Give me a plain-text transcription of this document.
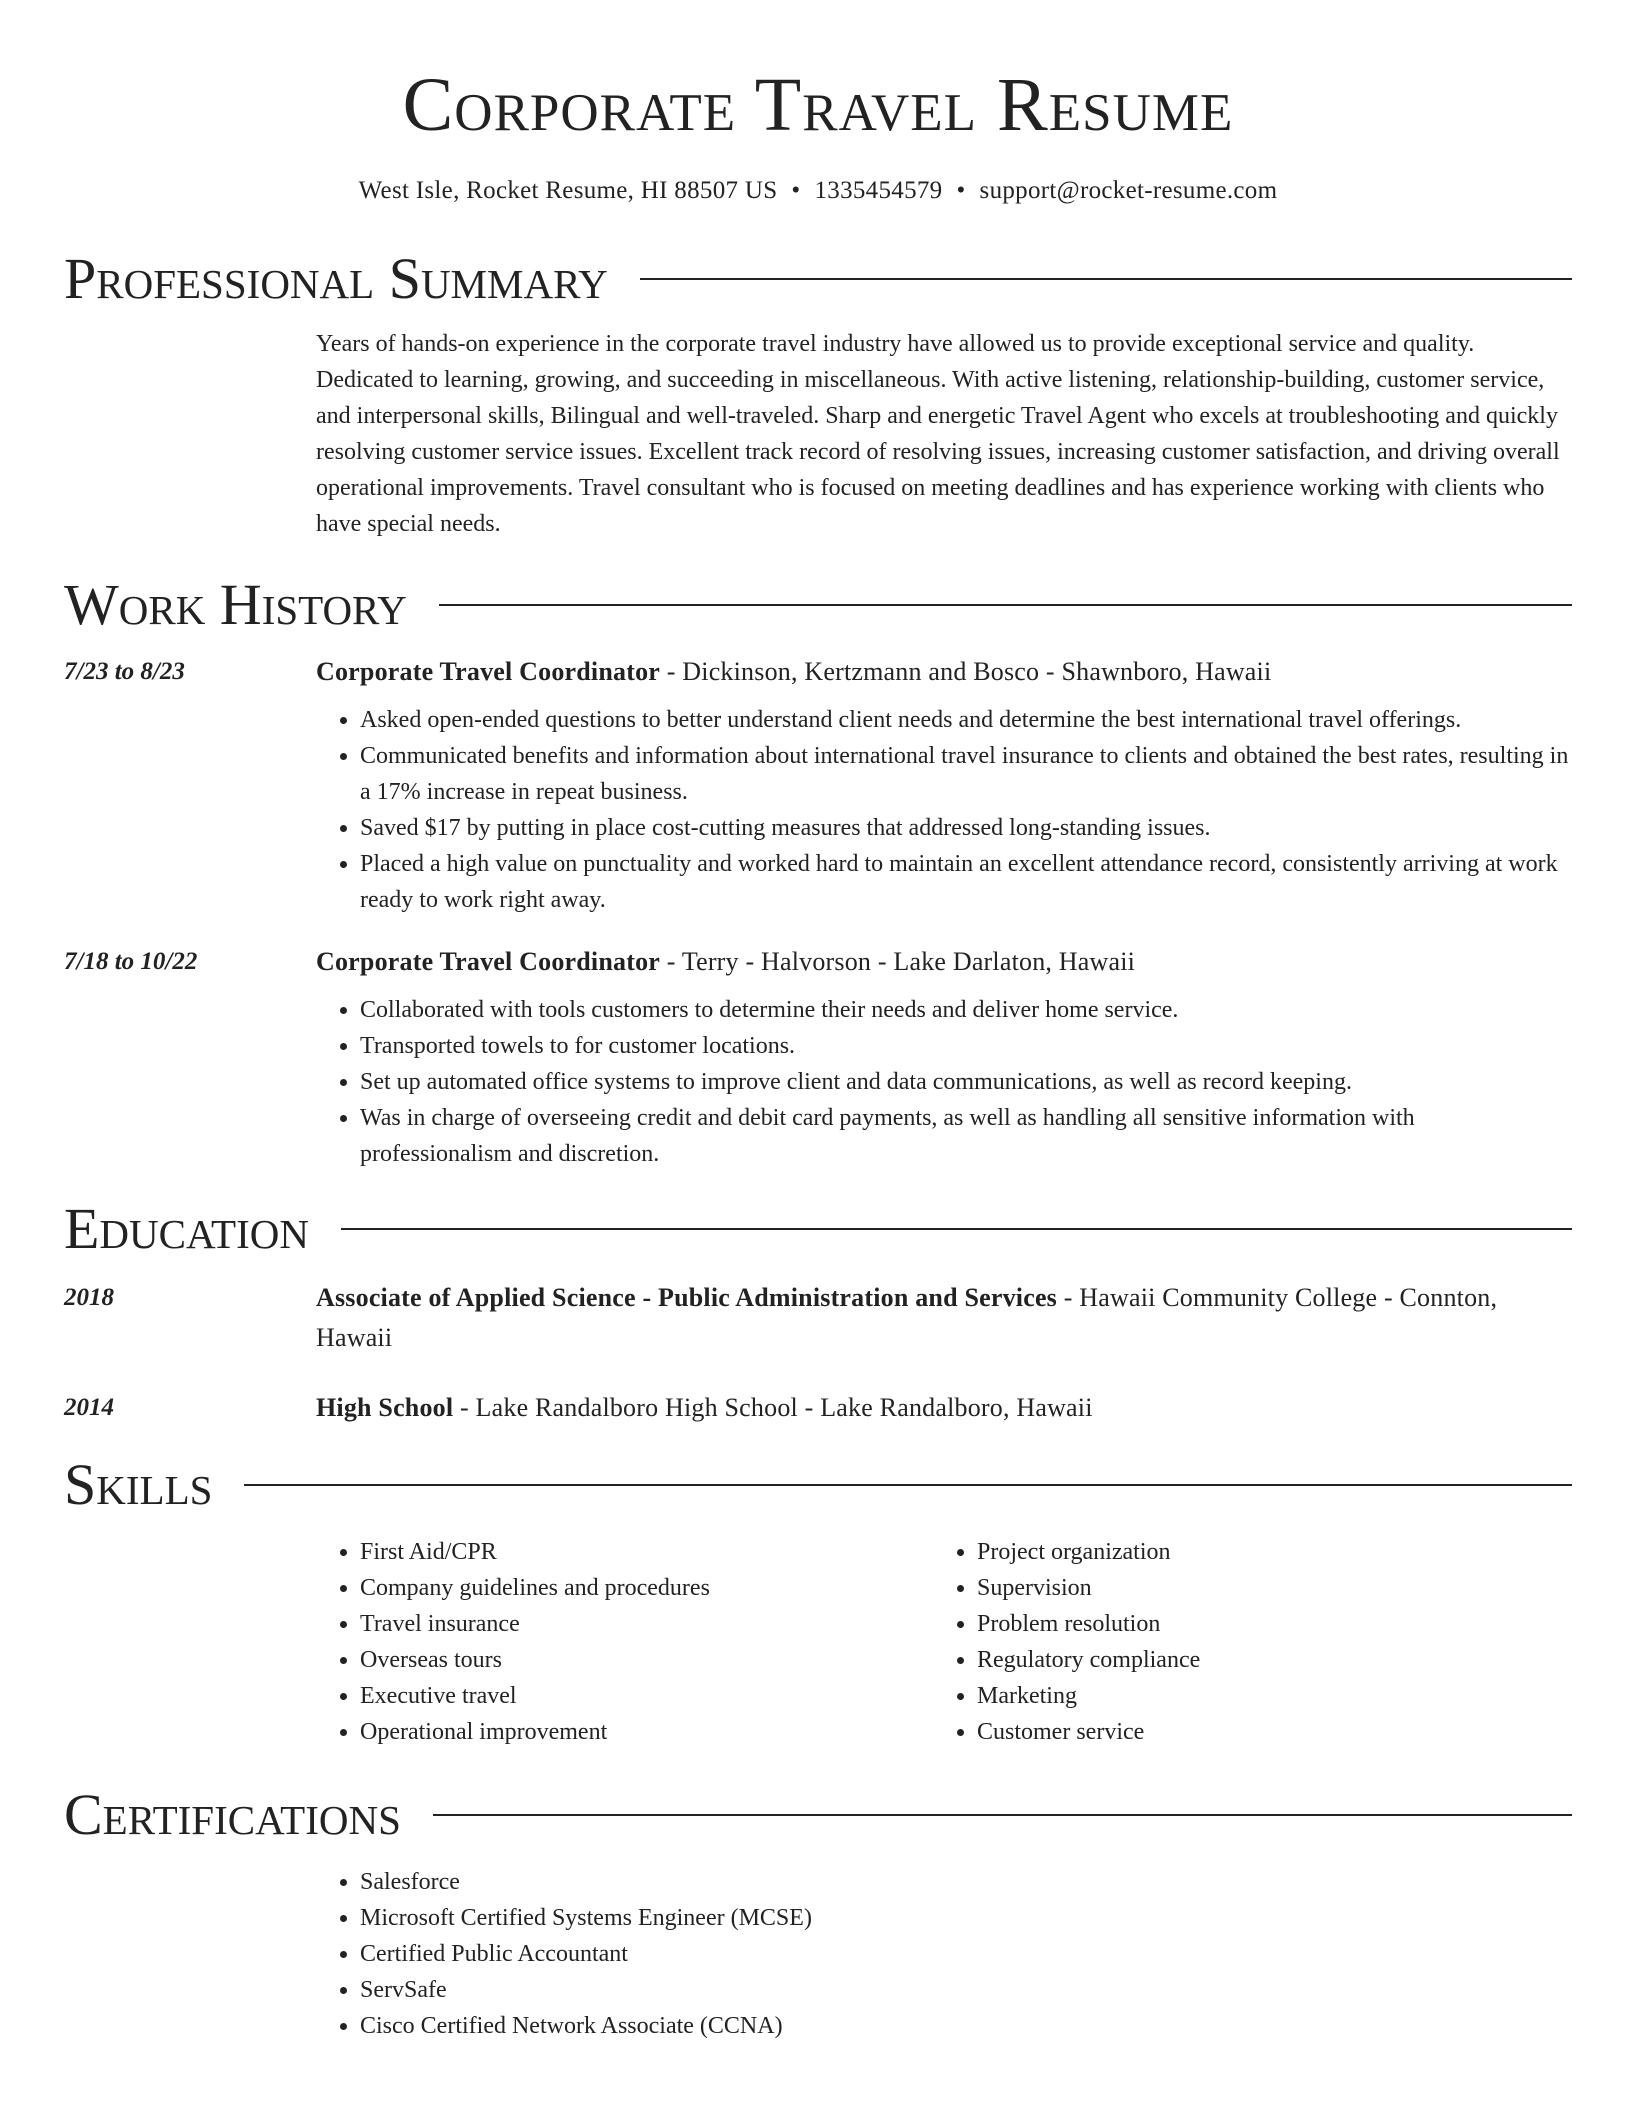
Corporate Travel Resume
West Isle, Rocket Resume, HI 88507 US • 1335454579 • support@rocket-resume.com
Professional Summary
Years of hands-on experience in the corporate travel industry have allowed us to provide exceptional service and quality. Dedicated to learning, growing, and succeeding in miscellaneous. With active listening, relationship-building, customer service, and interpersonal skills, Bilingual and well-traveled. Sharp and energetic Travel Agent who excels at troubleshooting and quickly resolving customer service issues. Excellent track record of resolving issues, increasing customer satisfaction, and driving overall operational improvements. Travel consultant who is focused on meeting deadlines and has experience working with clients who have special needs.
Work History
7/23 to 8/23	Corporate Travel Coordinator - Dickinson, Kertzmann and Bosco - Shawnboro, Hawaii
• Asked open-ended questions to better understand client needs and determine the best international travel offerings.
• Communicated benefits and information about international travel insurance to clients and obtained the best rates, resulting in a 17% increase in repeat business.
• Saved $17 by putting in place cost-cutting measures that addressed long-standing issues.
• Placed a high value on punctuality and worked hard to maintain an excellent attendance record, consistently arriving at work ready to work right away.
7/18 to 10/22	Corporate Travel Coordinator - Terry - Halvorson - Lake Darlaton, Hawaii
• Collaborated with tools customers to determine their needs and deliver home service.
• Transported towels to for customer locations.
• Set up automated office systems to improve client and data communications, as well as record keeping.
• Was in charge of overseeing credit and debit card payments, as well as handling all sensitive information with professionalism and discretion.
Education
2018	Associate of Applied Science - Public Administration and Services - Hawaii Community College - Connton, Hawaii
2014	High School - Lake Randalboro High School - Lake Randalboro, Hawaii
Skills
• First Aid/CPR
• Company guidelines and procedures
• Travel insurance
• Overseas tours
• Executive travel
• Operational improvement
• Project organization
• Supervision
• Problem resolution
• Regulatory compliance
• Marketing
• Customer service
Certifications
• Salesforce
• Microsoft Certified Systems Engineer (MCSE)
• Certified Public Accountant
• ServSafe
• Cisco Certified Network Associate (CCNA)
